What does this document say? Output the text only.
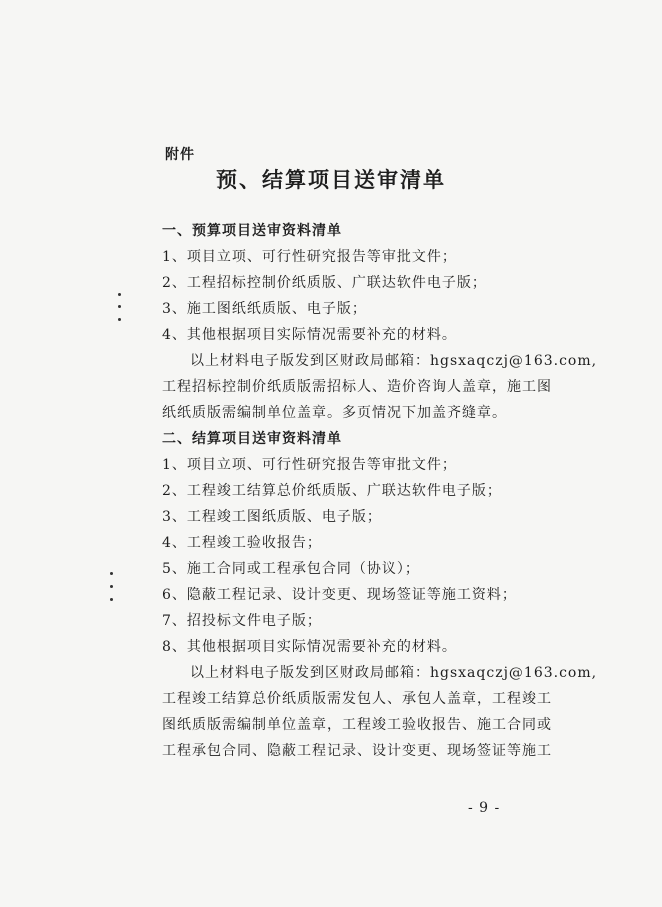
附件
预、结算项目送审清单
一、预算项目送审资料清单
1、项目立项、可行性研究报告等审批文件；
2、工程招标控制价纸质版、广联达软件电子版；
3、施工图纸纸质版、电子版；
4、其他根据项目实际情况需要补充的材料。
以上材料电子版发到区财政局邮箱：hgsxaqczj@163.com,
工程招标控制价纸质版需招标人、造价咨询人盖章，施工图
纸纸质版需编制单位盖章。多页情况下加盖齐缝章。
二、结算项目送审资料清单
1、项目立项、可行性研究报告等审批文件；
2、工程竣工结算总价纸质版、广联达软件电子版；
3、工程竣工图纸质版、电子版；
4、工程竣工验收报告；
5、施工合同或工程承包合同（协议）；
6、隐蔽工程记录、设计变更、现场签证等施工资料；
7、招投标文件电子版；
8、其他根据项目实际情况需要补充的材料。
以上材料电子版发到区财政局邮箱：hgsxaqczj@163.com,
工程竣工结算总价纸质版需发包人、承包人盖章，工程竣工
图纸质版需编制单位盖章，工程竣工验收报告、施工合同或
工程承包合同、隐蔽工程记录、设计变更、现场签证等施工
- 9 -
